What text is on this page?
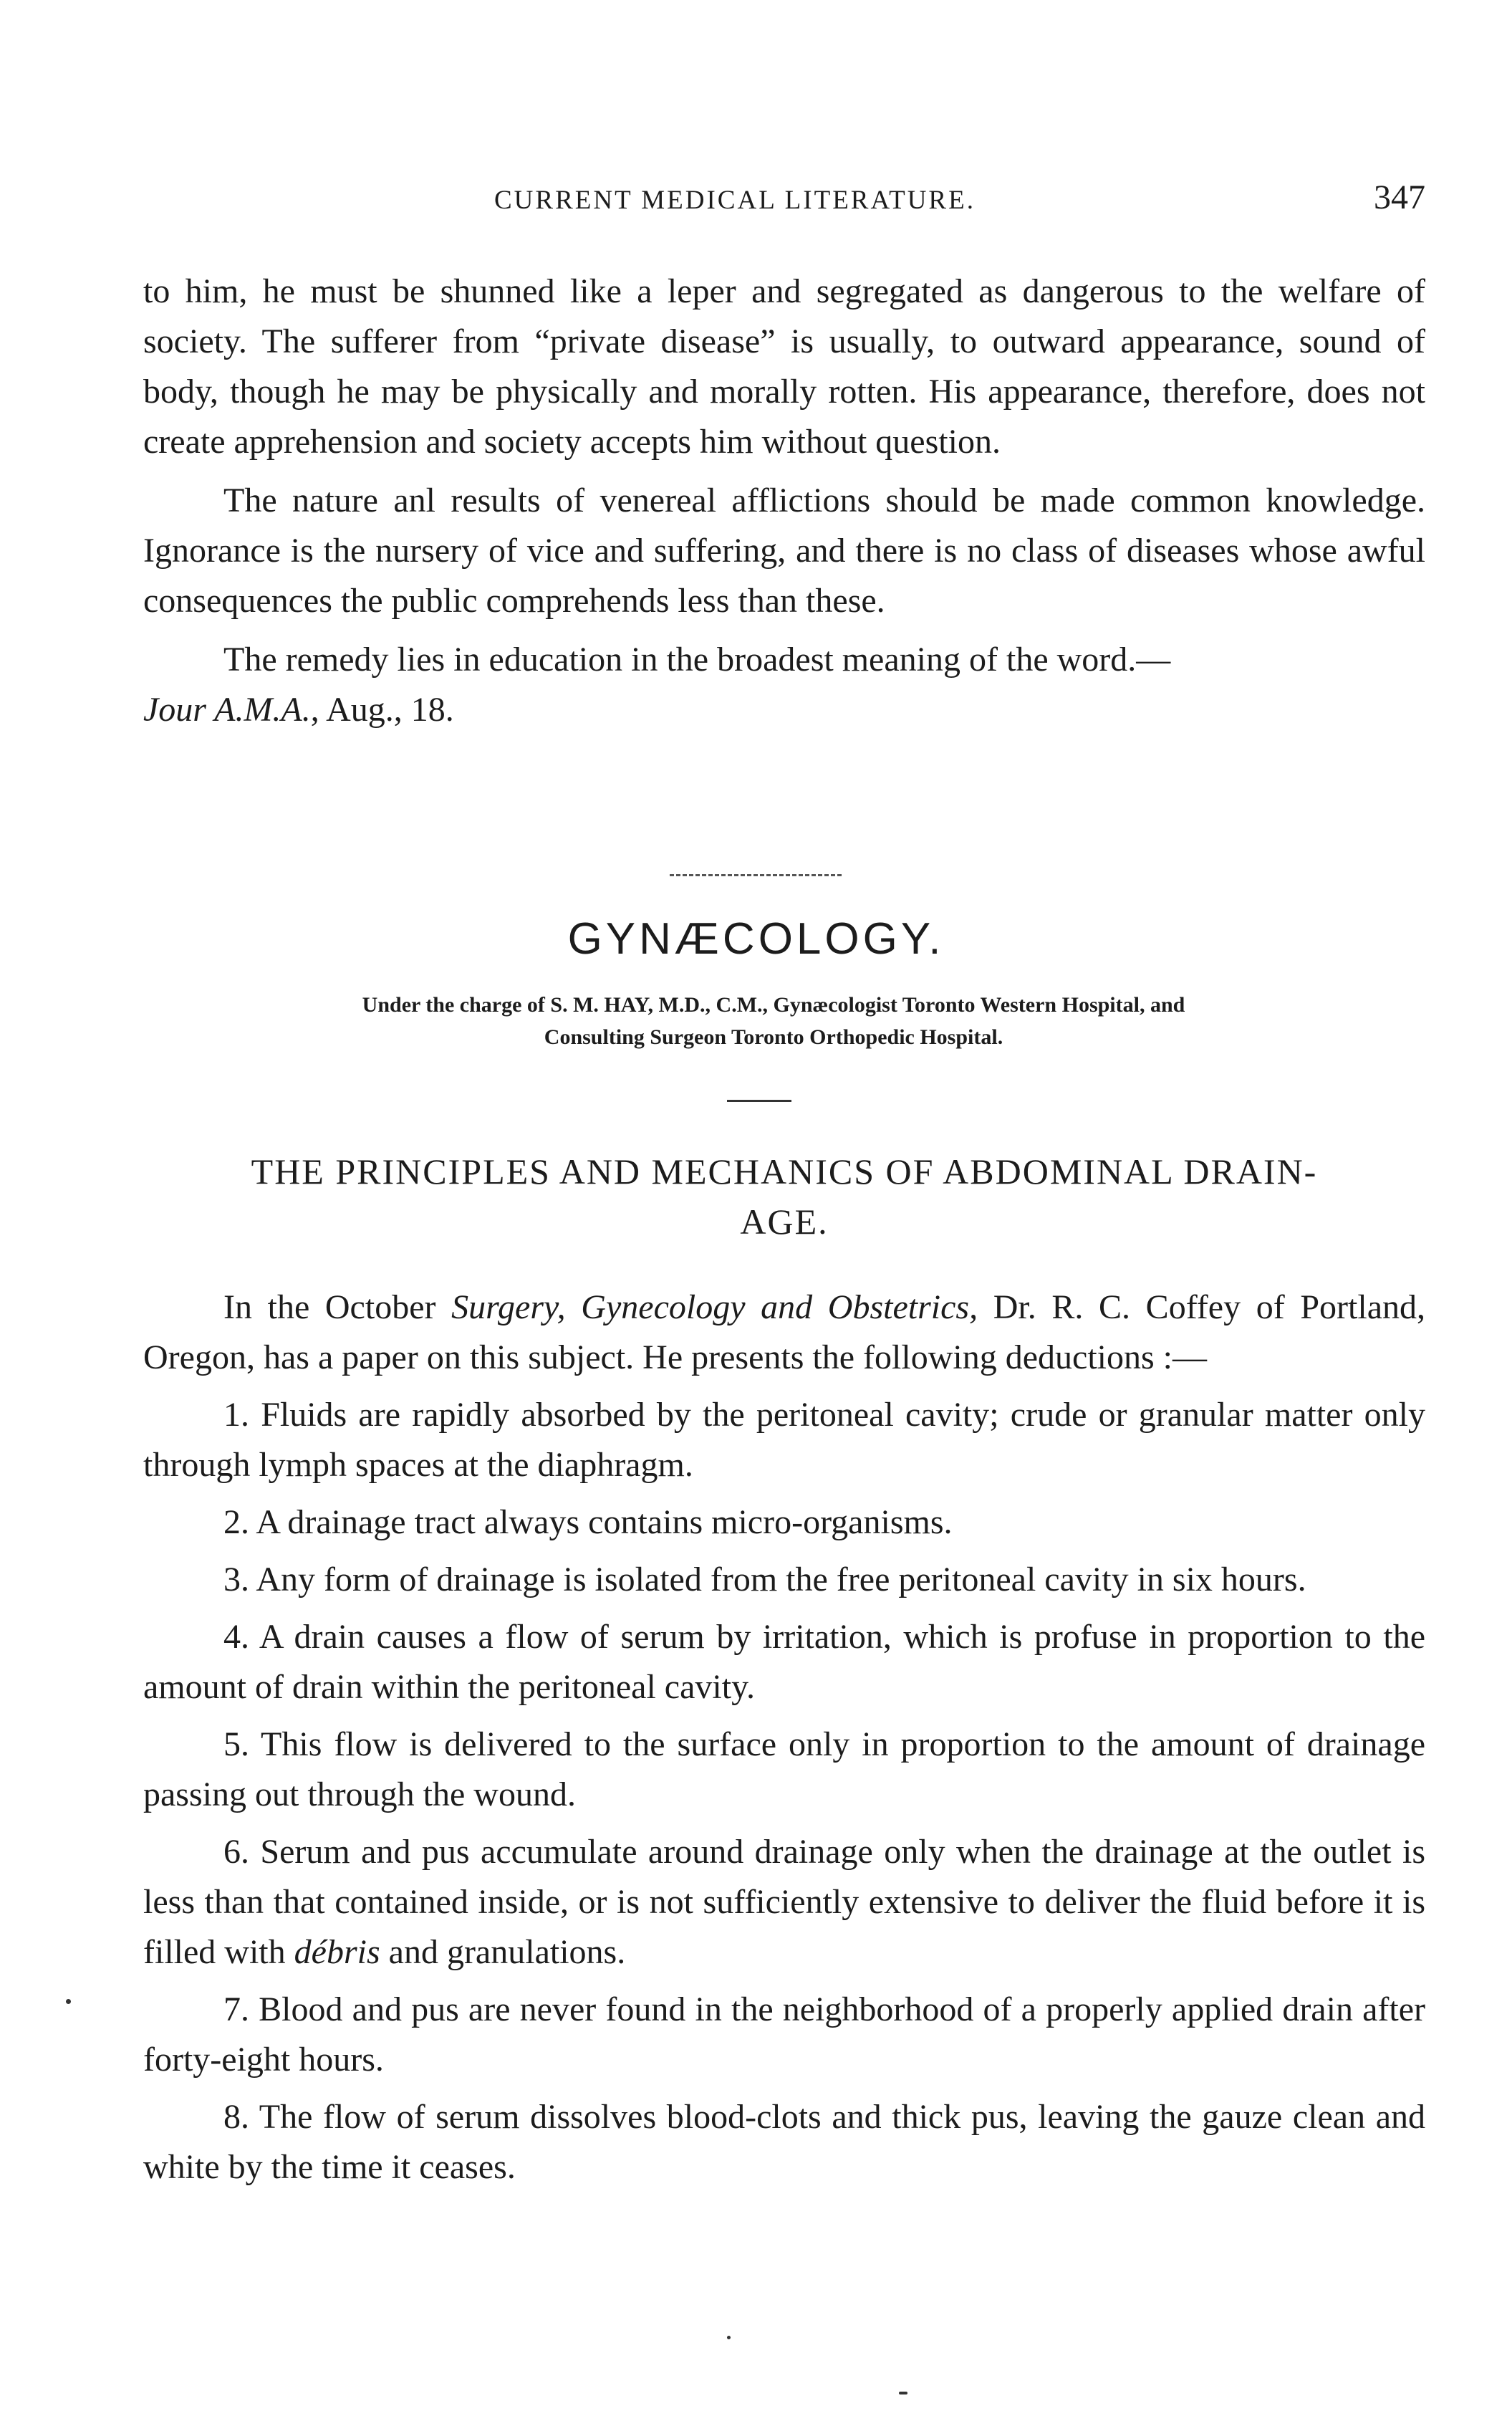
CURRENT MEDICAL LITERATURE.	347

to him, he must be shunned like a leper and segregated as dangerous to the welfare of society. The sufferer from “private disease” is usually, to outward appearance, sound of body, though he may be physically and morally rotten. His appearance, therefore, does not create apprehension and society accepts him without question.

The nature anl results of venereal afflictions should be made common knowledge. Ignorance is the nursery of vice and suffering, and there is no class of diseases whose awful consequences the public comprehends less than these.

The remedy lies in education in the broadest meaning of the word.—
Jour A.M.A., Aug., 18.

GYNÆCOLOGY.
Under the charge of S. M. HAY, M.D., C.M., Gynæcologist Toronto Western Hospital, and
Consulting Surgeon Toronto Orthopedic Hospital.
THE PRINCIPLES AND MECHANICS OF ABDOMINAL DRAIN-
AGE.

In the October Surgery, Gynecology and Obstetrics, Dr. R. C. Coffey of Portland, Oregon, has a paper on this subject. He presents the following deductions :—

1. Fluids are rapidly absorbed by the peritoneal cavity; crude or granular matter only through lymph spaces at the diaphragm.

2. A drainage tract always contains micro-organisms.

3. Any form of drainage is isolated from the free peritoneal cavity in six hours.

4. A drain causes a flow of serum by irritation, which is profuse in proportion to the amount of drain within the peritoneal cavity.

5. This flow is delivered to the surface only in proportion to the amount of drainage passing out through the wound.

6. Serum and pus accumulate around drainage only when the drainage at the outlet is less than that contained inside, or is not sufficiently extensive to deliver the fluid before it is filled with débris and granulations.

7. Blood and pus are never found in the neighborhood of a properly applied drain after forty-eight hours.

8. The flow of serum dissolves blood-clots and thick pus, leaving the gauze clean and white by the time it ceases.
